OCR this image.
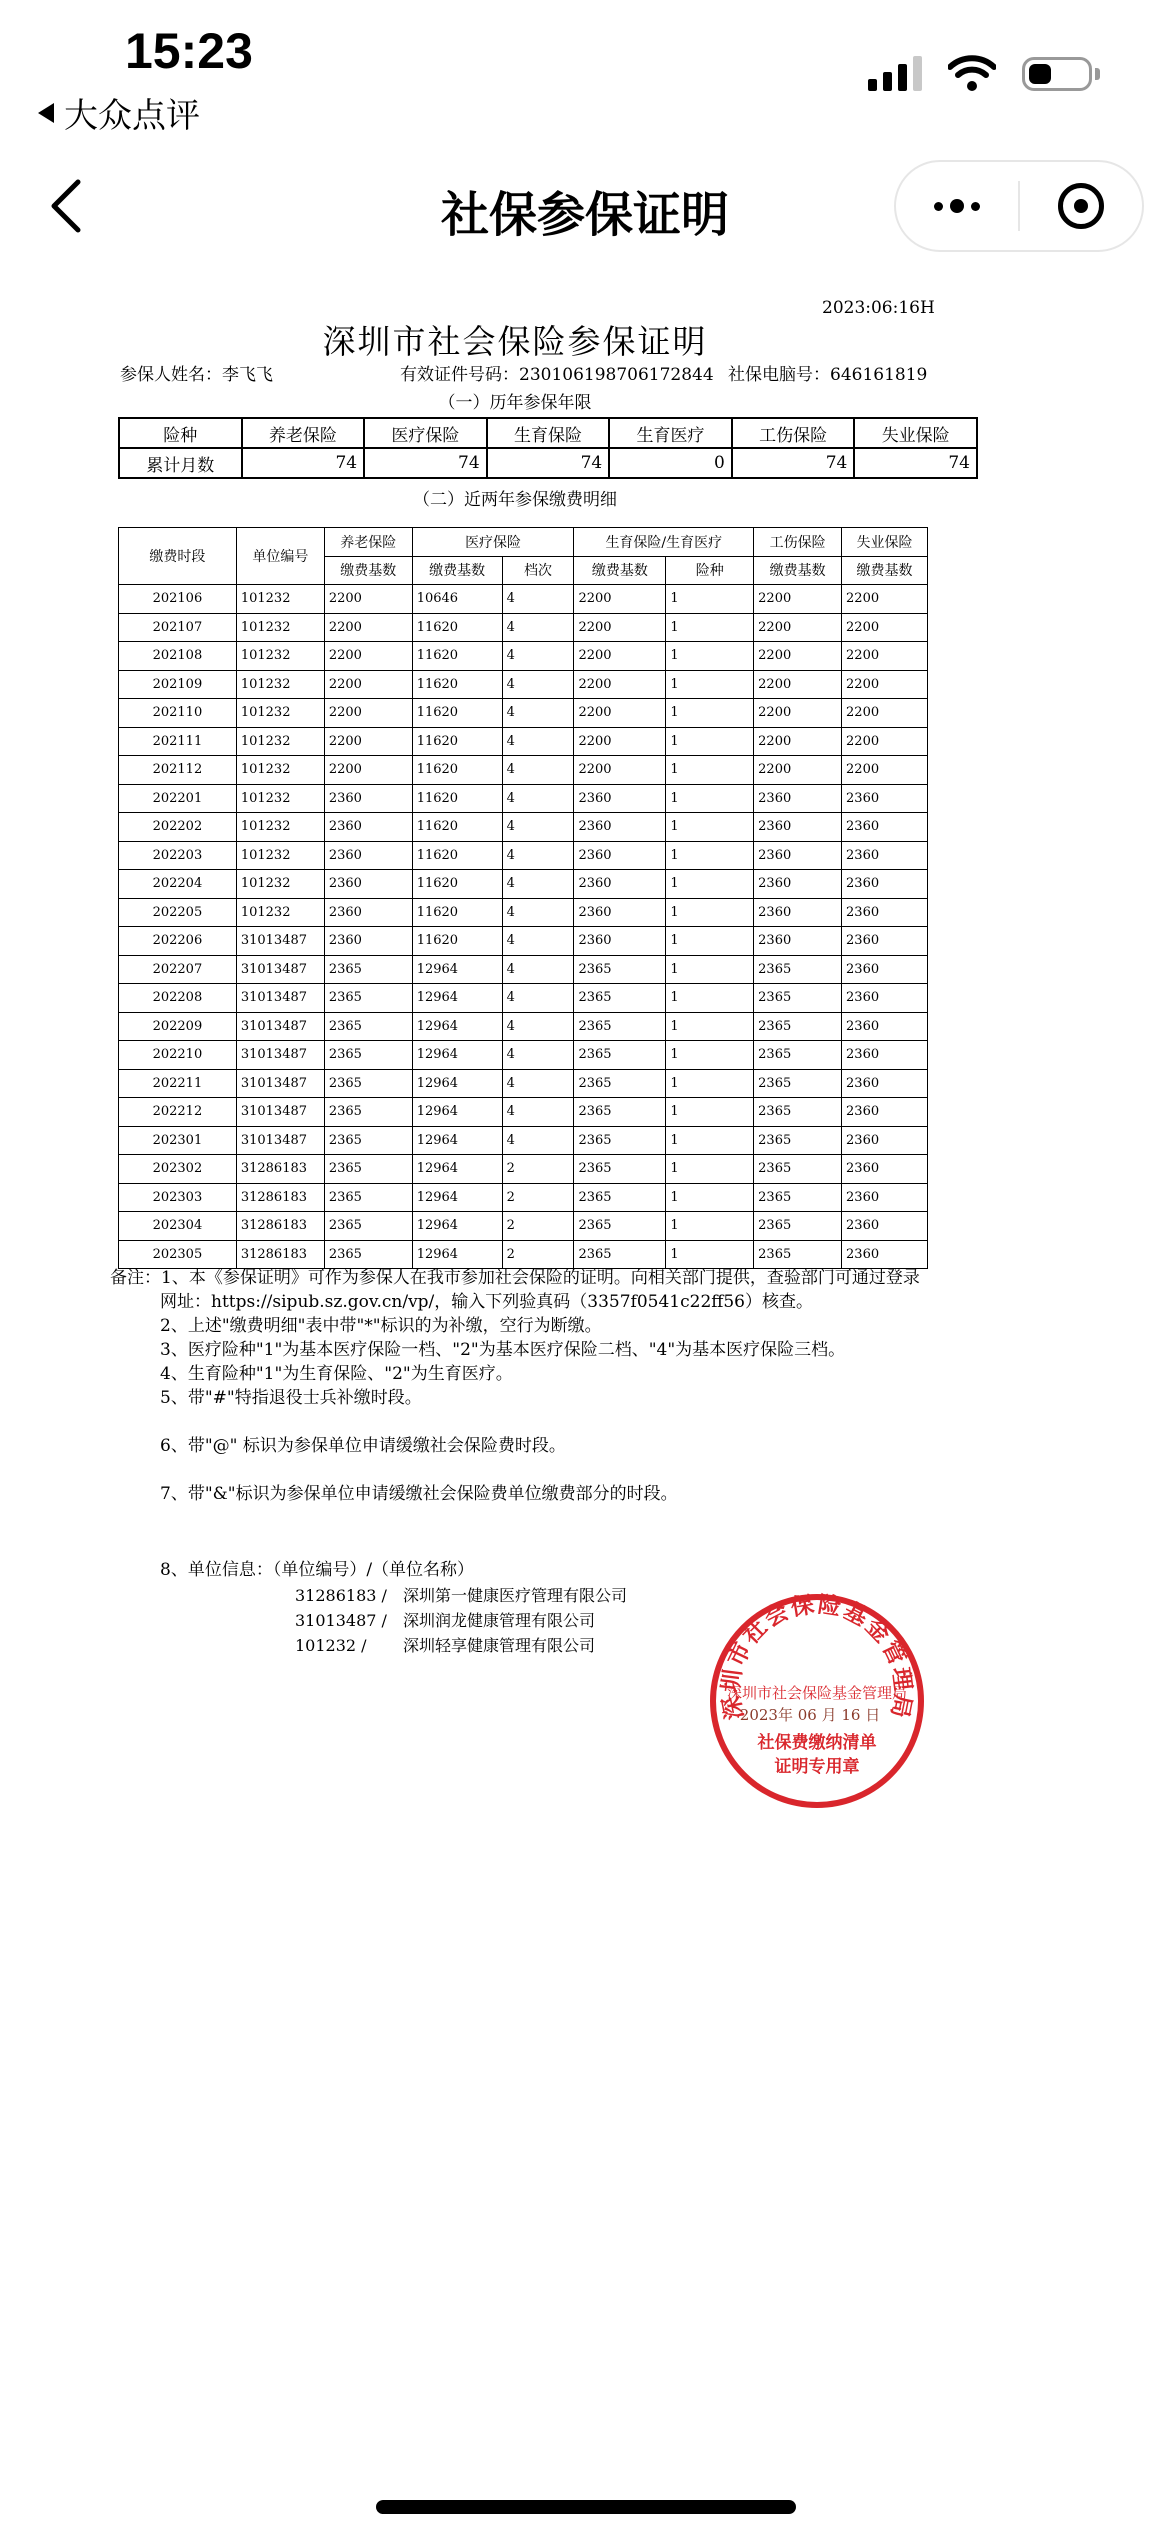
15:23
大众点评
社保参保证明
2023:06:16H
深圳市社会保险参保证明
参保人姓名：李飞飞	有效证件号码：230106198706172844 社保电脑号：646161819
（一）历年参保年限
险种	养老保险	医疗保险	生育保险	生育医疗	工伤保险	失业保险
累计月数	74	74	74	0	74	74
（二）近两年参保缴费明细
缴费时段	单位编号	养老保险	医疗保险		生育保险/生育医疗		工伤保险	失业保险
		缴费基数	缴费基数	档次	缴费基数	险种	缴费基数	缴费基数
202106	101232	2200	10646	4	2200	1	2200	2200
202107	101232	2200	11620	4	2200	1	2200	2200
202108	101232	2200	11620	4	2200	1	2200	2200
202109	101232	2200	11620	4	2200	1	2200	2200
202110	101232	2200	11620	4	2200	1	2200	2200
202111	101232	2200	11620	4	2200	1	2200	2200
202112	101232	2200	11620	4	2200	1	2200	2200
202201	101232	2360	11620	4	2360	1	2360	2360
202202	101232	2360	11620	4	2360	1	2360	2360
202203	101232	2360	11620	4	2360	1	2360	2360
202204	101232	2360	11620	4	2360	1	2360	2360
202205	101232	2360	11620	4	2360	1	2360	2360
202206	31013487	2360	11620	4	2360	1	2360	2360
202207	31013487	2365	12964	4	2365	1	2365	2360
202208	31013487	2365	12964	4	2365	1	2365	2360
202209	31013487	2365	12964	4	2365	1	2365	2360
202210	31013487	2365	12964	4	2365	1	2365	2360
202211	31013487	2365	12964	4	2365	1	2365	2360
202212	31013487	2365	12964	4	2365	1	2365	2360
202301	31013487	2365	12964	4	2365	1	2365	2360
202302	31286183	2365	12964	2	2365	1	2365	2360
202303	31286183	2365	12964	2	2365	1	2365	2360
202304	31286183	2365	12964	2	2365	1	2365	2360
202305	31286183	2365	12964	2	2365	1	2365	2360
备注：1、本《参保证明》可作为参保人在我市参加社会保险的证明。向相关部门提供，查验部门可通过登录
网址：https://sipub.sz.gov.cn/vp/，输入下列验真码（3357f0541c22ff56）核查。
2、上述"缴费明细"表中带"*"标识的为补缴，空行为断缴。
3、医疗险种"1"为基本医疗保险一档、"2"为基本医疗保险二档、"4"为基本医疗保险三档。
4、生育险种"1"为生育保险、"2"为生育医疗。
5、带"#"特指退役士兵补缴时段。
6、带"@" 标识为参保单位申请缓缴社会保险费时段。
7、带"&"标识为参保单位申请缓缴社会保险费单位缴费部分的时段。
8、单位信息：（单位编号）/（单位名称）
31286183 /	深圳第一健康医疗管理有限公司
31013487 /	深圳润龙健康管理有限公司
101232 /	深圳轻享健康管理有限公司
深圳市社会保险基金管理局
深圳市社会保险基金管理局
2023年 06 月 16 日
社保费缴纳清单
证明专用章
